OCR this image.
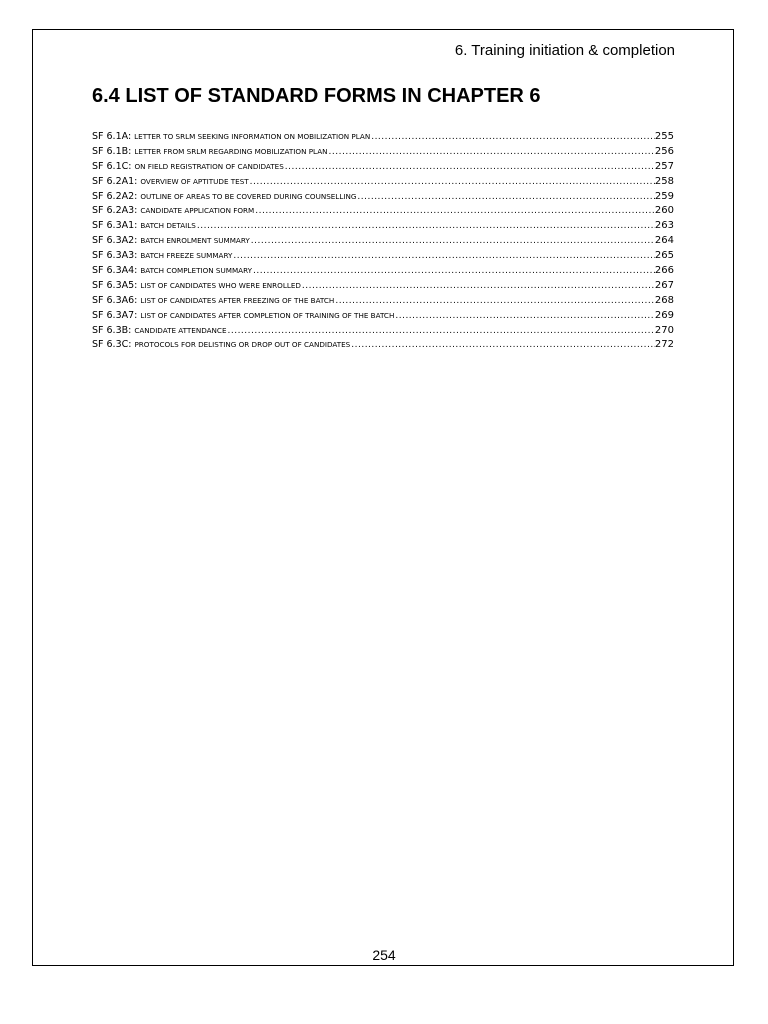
6. Training initiation & completion
6.4 LIST OF STANDARD FORMS IN CHAPTER 6
SF 6.1A: LETTER TO SRLM SEEKING INFORMATION ON MOBILIZATION PLAN .....	255
SF 6.1B: LETTER FROM SRLM REGARDING MOBILIZATION PLAN .....	256
SF 6.1C: ON FIELD REGISTRATION OF CANDIDATES .....	257
SF 6.2A1: OVERVIEW OF APTITUDE TEST .....	258
SF 6.2A2: OUTLINE OF AREAS TO BE COVERED DURING COUNSELLING .....	259
SF 6.2A3: CANDIDATE APPLICATION FORM .....	260
SF 6.3A1: BATCH DETAILS .....	263
SF 6.3A2: BATCH ENROLMENT SUMMARY .....	264
SF 6.3A3: BATCH FREEZE SUMMARY .....	265
SF 6.3A4: BATCH COMPLETION SUMMARY .....	266
SF 6.3A5: LIST OF CANDIDATES WHO WERE ENROLLED .....	267
SF 6.3A6: LIST OF CANDIDATES AFTER FREEZING OF THE BATCH .....	268
SF 6.3A7: LIST OF CANDIDATES AFTER COMPLETION OF TRAINING OF THE BATCH .....	269
SF 6.3B: CANDIDATE ATTENDANCE .....	270
SF 6.3C: PROTOCOLS FOR DELISTING OR DROP OUT OF CANDIDATES .....	272
254
